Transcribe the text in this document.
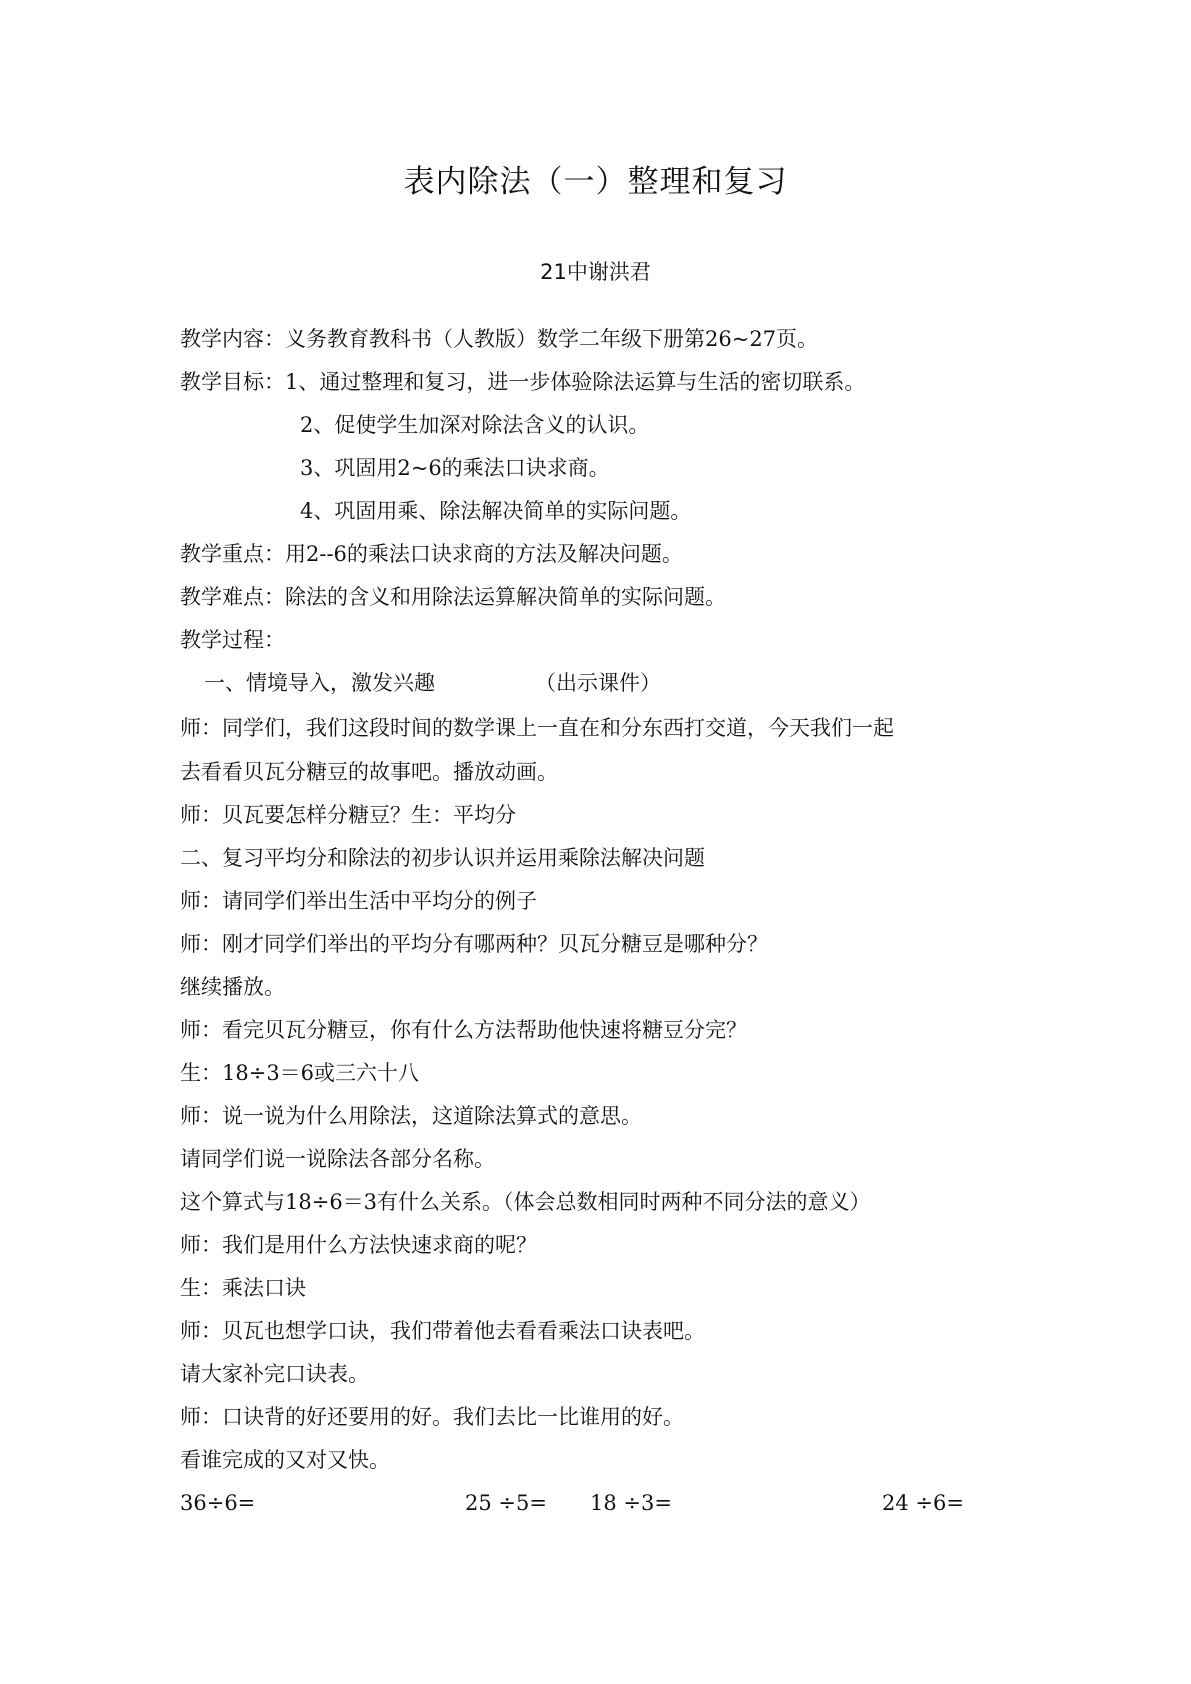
表内除法（一）整理和复习
21中谢洪君
教学内容：义务教育教科书（人教版）数学二年级下册第26~27页。
教学目标：1、通过整理和复习，进一步体验除法运算与生活的密切联系。
2、促使学生加深对除法含义的认识。
3、巩固用2~6的乘法口诀求商。
4、巩固用乘、除法解决简单的实际问题。
教学重点：用2--6的乘法口诀求商的方法及解决问题。
教学难点：除法的含义和用除法运算解决简单的实际问题。
教学过程：
一、情境导入，激发兴趣	（出示课件）
师：同学们，我们这段时间的数学课上一直在和分东西打交道，今天我们一起
去看看贝瓦分糖豆的故事吧。播放动画。
师：贝瓦要怎样分糖豆？生：平均分
二、复习平均分和除法的初步认识并运用乘除法解决问题
师：请同学们举出生活中平均分的例子
师：刚才同学们举出的平均分有哪两种？贝瓦分糖豆是哪种分？
继续播放。
师：看完贝瓦分糖豆，你有什么方法帮助他快速将糖豆分完？
生：18÷3＝6或三六十八
师：说一说为什么用除法，这道除法算式的意思。
请同学们说一说除法各部分名称。
这个算式与18÷6＝3有什么关系。（体会总数相同时两种不同分法的意义）
师：我们是用什么方法快速求商的呢？
生：乘法口诀
师：贝瓦也想学口诀，我们带着他去看看乘法口诀表吧。
请大家补完口诀表。
师：口诀背的好还要用的好。我们去比一比谁用的好。
看谁完成的又对又快。
36÷6=	25 ÷5= 18 ÷3=	24 ÷6=
